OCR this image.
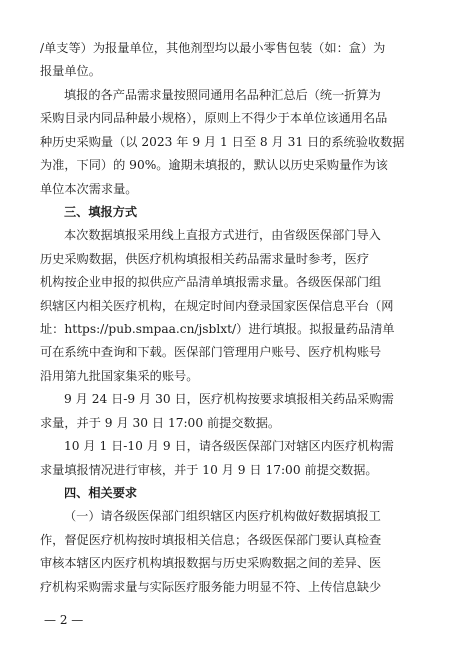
/单支等）为报量单位，其他剂型均以最小零售包装（如：盒）为
报量单位。
填报的各产品需求量按照同通用名品种汇总后（统一折算为
采购目录内同品种最小规格），原则上不得少于本单位该通用名品
种历史采购量（以 2023 年 9 月 1 日至 8 月 31 日的系统验收数据
为准，下同）的 90%。逾期未填报的，默认以历史采购量作为该
单位本次需求量。
三、填报方式
本次数据填报采用线上直报方式进行，由省级医保部门导入
历史采购数据，供医疗机构填报相关药品需求量时参考，医疗
机构按企业申报的拟供应产品清单填报需求量。各级医保部门组
织辖区内相关医疗机构，在规定时间内登录国家医保信息平台（网
址：https://pub.smpaa.cn/jsblxt/）进行填报。拟报量药品清单
可在系统中查询和下载。医保部门管理用户账号、医疗机构账号
沿用第九批国家集采的账号。
9 月 24 日-9 月 30 日，医疗机构按要求填报相关药品采购需
求量，并于 9 月 30 日 17:00 前提交数据。
10 月 1 日-10 月 9 日，请各级医保部门对辖区内医疗机构需
求量填报情况进行审核，并于 10 月 9 日 17:00 前提交数据。
四、相关要求
（一）请各级医保部门组织辖区内医疗机构做好数据填报工
作，督促医疗机构按时填报相关信息；各级医保部门要认真检查
审核本辖区内医疗机构填报数据与历史采购数据之间的差异、医
疗机构采购需求量与实际医疗服务能力明显不符、上传信息缺少
— 2 —
